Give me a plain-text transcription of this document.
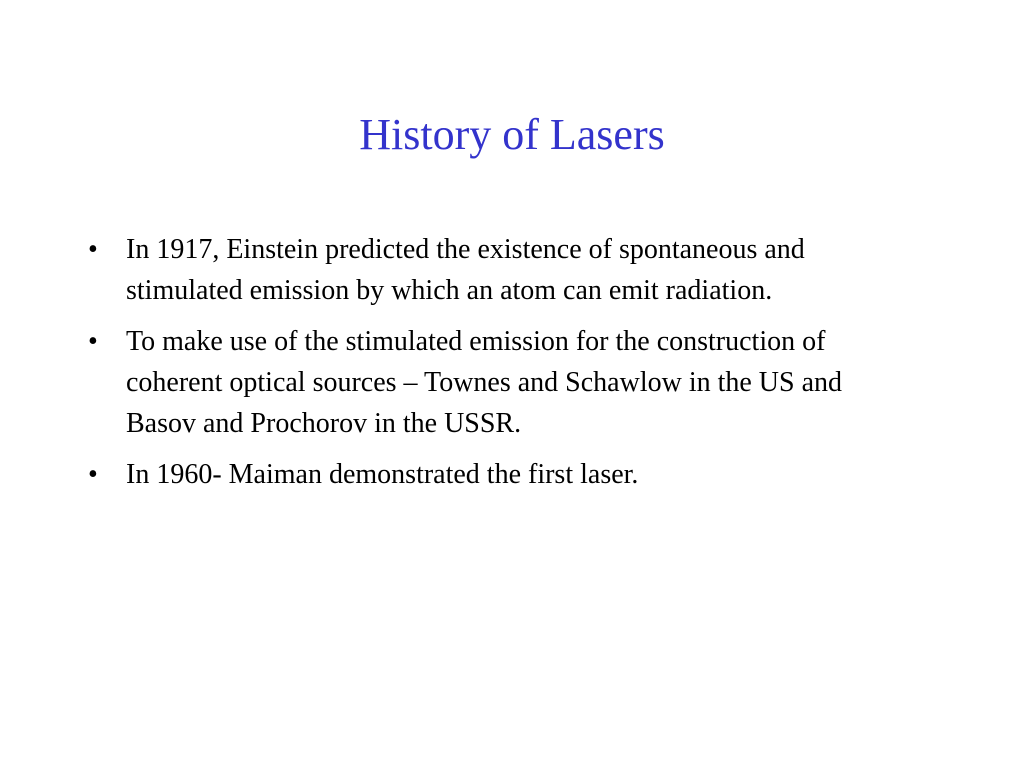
History of Lasers
•	In 1917, Einstein predicted the existence of spontaneous and stimulated emission by which an atom can emit radiation.
•	To make use of the stimulated emission for the construction of coherent optical sources – Townes and Schawlow in the US and Basov and Prochorov in the USSR.
•	In 1960- Maiman demonstrated the first laser.
